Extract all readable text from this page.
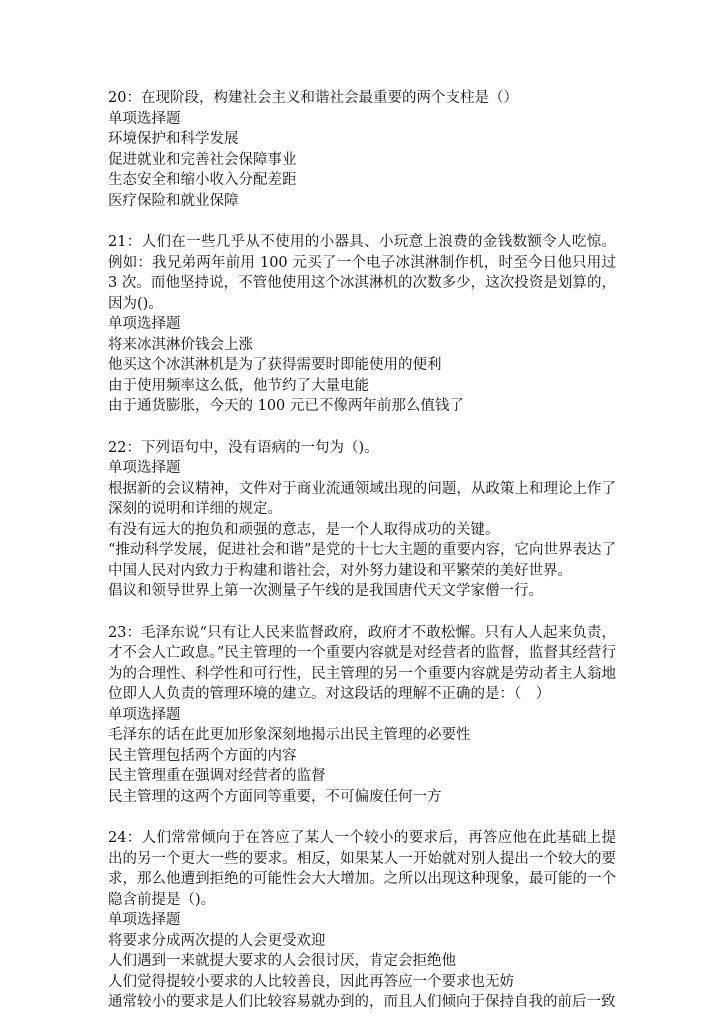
20：在现阶段，构建社会主义和谐社会最重要的两个支柱是（）

单项选择题

环境保护和科学发展
促进就业和完善社会保障事业
生态安全和缩小收入分配差距
医疗保险和就业保障

21：人们在一些几乎从不使用的小器具、小玩意上浪费的金钱数额令人吃惊。例如：我兄弟两年前用 100 元买了一个电子冰淇淋制作机，时至今日他只用过 3 次。而他坚持说，不管他使用这个冰淇淋机的次数多少，这次投资是划算的，因为()。

单项选择题

将来冰淇淋价钱会上涨
他买这个冰淇淋机是为了获得需要时即能使用的便利
由于使用频率这么低，他节约了大量电能
由于通货膨胀，今天的 100 元已不像两年前那么值钱了

22：下列语句中，没有语病的一句为（)。

单项选择题

根据新的会议精神，文件对于商业流通领域出现的问题，从政策上和理论上作了深刻的说明和详细的规定。
有没有远大的抱负和顽强的意志，是一个人取得成功的关键。
“推动科学发展，促进社会和谐”是党的十七大主题的重要内容，它向世界表达了中国人民对内致力于构建和谐社会，对外努力建设和平繁荣的美好世界。
倡议和领导世界上第一次测量子午线的是我国唐代天文学家僧一行。

23：毛泽东说“只有让人民来监督政府，政府才不敢松懈。只有人人起来负责，才不会人亡政息。”民主管理的一个重要内容就是对经营者的监督，监督其经营行为的合理性、科学性和可行性，民主管理的另一个重要内容就是劳动者主人翁地位即人人负责的管理环境的建立。对这段话的理解不正确的是：（　）

单项选择题

毛泽东的话在此更加形象深刻地揭示出民主管理的必要性
民主管理包括两个方面的内容
民主管理重在强调对经营者的监督
民主管理的这两个方面同等重要，不可偏废任何一方

24：人们常常倾向于在答应了某人一个较小的要求后，再答应他在此基础上提出的另一个更大一些的要求。相反，如果某人一开始就对别人提出一个较大的要求，那么他遭到拒绝的可能性会大大增加。之所以出现这种现象，最可能的一个隐含前提是（)。

单项选择题

将要求分成两次提的人会更受欢迎
人们遇到一来就提大要求的人会很讨厌，肯定会拒绝他
人们觉得提较小要求的人比较善良，因此再答应一个要求也无妨
通常较小的要求是人们比较容易就办到的，而且人们倾向于保持自我的前后一致
